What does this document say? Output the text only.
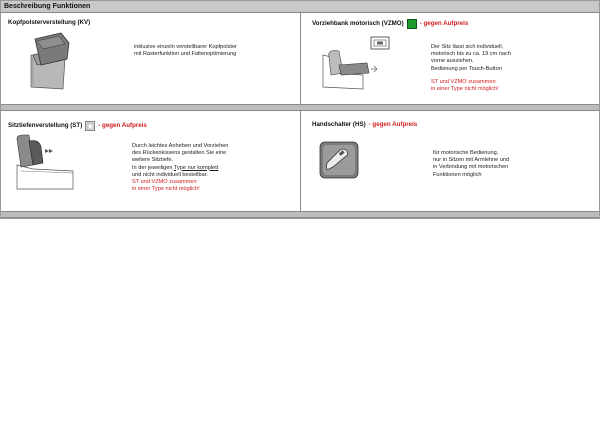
Beschreibung Funktionen
Kopfpolsterverstellung (KV)
inklusive einzeln verstellbarer Kopfpolster
mit Rasterfunktion und Faltenoptimierung
Vorziehbank motorisch (VZMO)	- gegen Aufpreis
Der Sitz lässt sich individuell,
motorisch bis zu ca. 19 cm nach
vorne ausziehen.
Bedienung per Touch-Button
ST und VZMO zusammen
in einer Type nicht möglich!
Sitztiefenverstellung (ST) ★ - gegen Aufpreis
Durch leichtes Anheben und Vorziehen
des Rückenkissens gestalten Sie eine
weitere Sitztiefe.
In der jeweiligen Type nur komplett
und nicht individuell bestellbar.
ST und VZMO zusammen
in einer Type nicht möglich!
Handschalter (HS) - gegen Aufpreis
für motorische Bedienung,
nur in Sitzen mit Armlehne und
in Verbindung mit motorischen
Funktionen möglich
